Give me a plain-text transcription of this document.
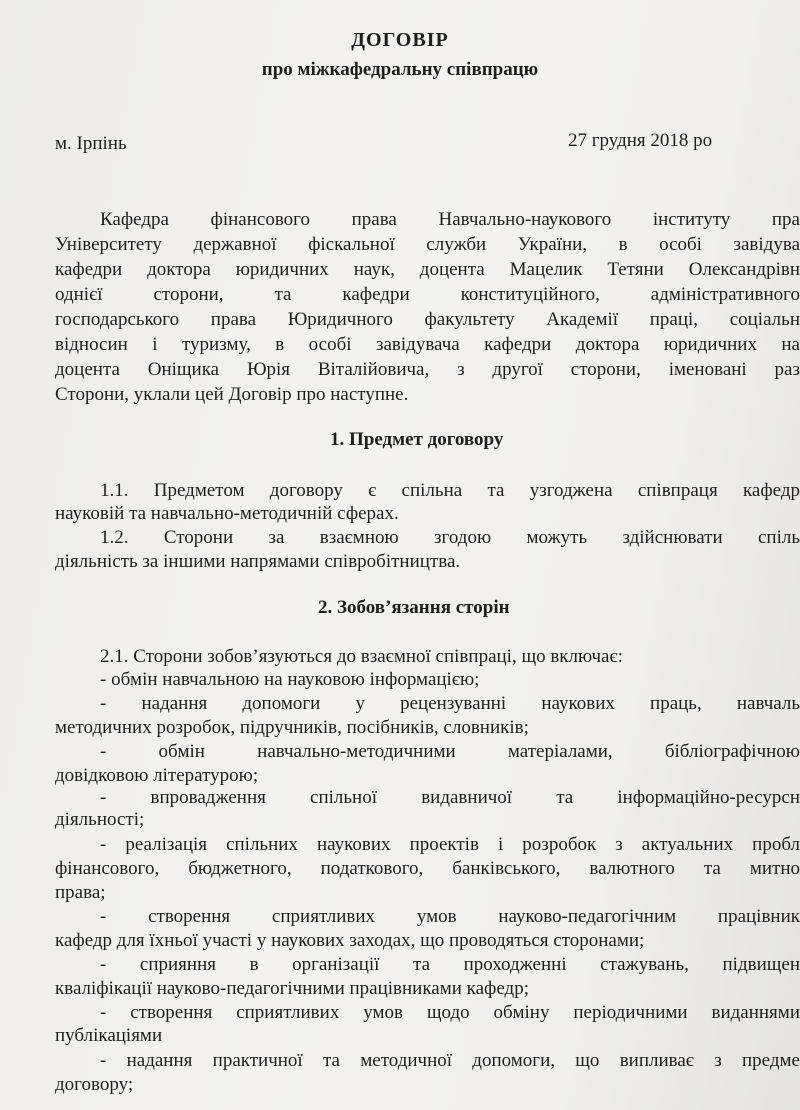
ДОГОВІР
про міжкафедральну співпрацю
м. Ірпінь	27 грудня 2018 ро
Кафедра фінансового права Навчально-наукового інституту пра
Університету державної фіскальної служби України, в особі завідува
кафедри доктора юридичних наук, доцента Мацелик Тетяни Олександрівн
однієї сторони, та кафедри конституційного, адміністративного
господарського права Юридичного факультету Академії праці, соціальн
відносин і туризму, в особі завідувача кафедри доктора юридичних на
доцента Оніщика Юрія Віталійовича, з другої сторони, іменовані раз
Сторони, уклали цей Договір про наступне.
1. Предмет договору
1.1. Предметом договору є спільна та узгоджена співпраця кафедр
науковій та навчально-методичній сферах.
1.2. Сторони за взаємною згодою можуть здійснювати спіль
діяльність за іншими напрямами співробітництва.
2. Зобов’язання сторін
2.1. Сторони зобов’язуються до взаємної співпраці, що включає:
- обмін навчальною на науковою інформацією;
- надання допомоги у рецензуванні наукових праць, навчаль
методичних розробок, підручників, посібників, словників;
- обмін навчально-методичними матеріалами, бібліографічною
довідковою літературою;
- впровадження спільної видавничої та інформаційно-ресурсн
діяльності;
- реалізація спільних наукових проектів і розробок з актуальних пробл
фінансового, бюджетного, податкового, банківського, валютного та митно
права;
- створення сприятливих умов науково-педагогічним працівник
кафедр для їхньої участі у наукових заходах, що проводяться сторонами;
- сприяння в організації та проходженні стажувань, підвищен
кваліфікації науково-педагогічними працівниками кафедр;
- створення сприятливих умов щодо обміну періодичними виданнями
публікаціями
- надання практичної та методичної допомоги, що випливає з предме
договору;
